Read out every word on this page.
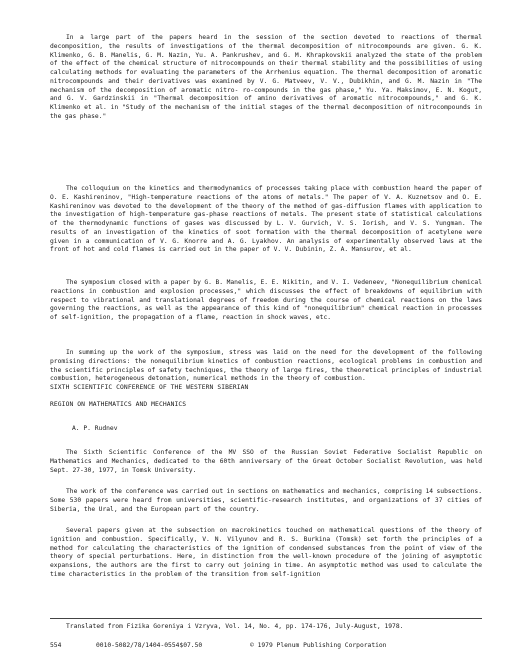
In a large part of the papers heard in the session of the section devoted to reactions of thermal decomposition, the results of investigations of the thermal decomposition of nitrocompounds are given. G. K. Klimenko, G. B. Manelis, G. M. Nazin, Yu. A. Pankrushev, and G. M. Khrapkovskii analyzed the state of the problem of the effect of the chemical structure of nitrocompounds on their thermal stability and the possibilities of using calculating methods for evaluating the parameters of the Arrhenius equation. The thermal decomposition of aromatic nitrocompounds and their derivatives was examined by V. G. Matveev, V. V., Dubikhin, and G. M. Nazin in "The mechanism of the decomposition of aromatic nitro- ro-compounds in the gas phase," Yu. Ya. Maksimov, E. N. Kogut, and G. V. Gardzinskii in "Thermal decomposition of amino derivatives of aromatic nitrocompounds," and G. K. Klimenko et al. in "Study of the mechanism of the initial stages of the thermal decomposition of nitrocompounds in the gas phase."

The colloquium on the kinetics and thermodynamics of processes taking place with combustion heard the paper of O. E. Kashireninov, "High-temperature reactions of the atoms of metals." The paper of V. A. Kuznetsov and O. E. Kashireninov was devoted to the development of the theory of the method of gas-diffusion flames with application to the investigation of high-temperature gas-phase reactions of metals. The present state of statistical calculations of the thermodynamic functions of gases was discussed by L. V. Gurvich, V. S. Iorish, and V. S. Yungman. The results of an investigation of the kinetics of soot formation with the thermal decomposition of acetylene were given in a communication of V. G. Knorre and A. G. Lyakhov. An analysis of experimentally observed laws at the front of hot and cold flames is carried out in the paper of V. V. Dubinin, Z. A. Mansurov, et al.

The symposium closed with a paper by G. B. Manelis, E. E. Nikitin, and V. I. Vedeneev, "Nonequilibrium chemical reactions in combustion and explosion processes," which discusses the effect of breakdowns of equilibrium with respect to vibrational and translational degrees of freedom during the course of chemical reactions on the laws governing the reactions, as well as the appearance of this kind of "nonequilibrium" chemical reaction in processes of self-ignition, the propagation of a flame, reaction in shock waves, etc.

In summing up the work of the symposium, stress was laid on the need for the development of the following promising directions: the nonequilibrium kinetics of combustion reactions, ecological problems in combustion and the scientific principles of safety techniques, the theory of large fires, the theoretical principles of industrial combustion, heterogeneous detonation, numerical methods in the theory of combustion.

SIXTH SCIENTIFIC CONFERENCE OF THE WESTERN SIBERIAN

REGION ON MATHEMATICS AND MECHANICS

A. P. Rudnev

The Sixth Scientific Conference of the MV SSO of the Russian Soviet Federative Socialist Republic on Mathematics and Mechanics, dedicated to the 60th anniversary of the Great October Socialist Revolution, was held Sept. 27-30, 1977, in Tomsk University.

The work of the conference was carried out in sections on mathematics and mechanics, comprising 14 subsections. Some 530 papers were heard from universities, scientific-research institutes, and organizations of 37 cities of Siberia, the Ural, and the European part of the country.

Several papers given at the subsection on macrokinetics touched on mathematical questions of the theory of ignition and combustion. Specifically, V. N. Vilyunov and R. S. Burkina (Tomsk) set forth the principles of a method for calculating the characteristics of the ignition of condensed substances from the point of view of the theory of special perturbations. Here, in distinction from the well-known procedure of the joining of asymptotic expansions, the authors are the first to carry out joining in time. An asymptotic method was used to calculate the time characteristics in the problem of the transition from self-ignition

Translated from Fizika Goreniya i Vzryva, Vol. 14, No. 4, pp. 174-176, July-August, 1978.

554	0010-5082/78/1404-0554$07.50	© 1979 Plenum Publishing Corporation
